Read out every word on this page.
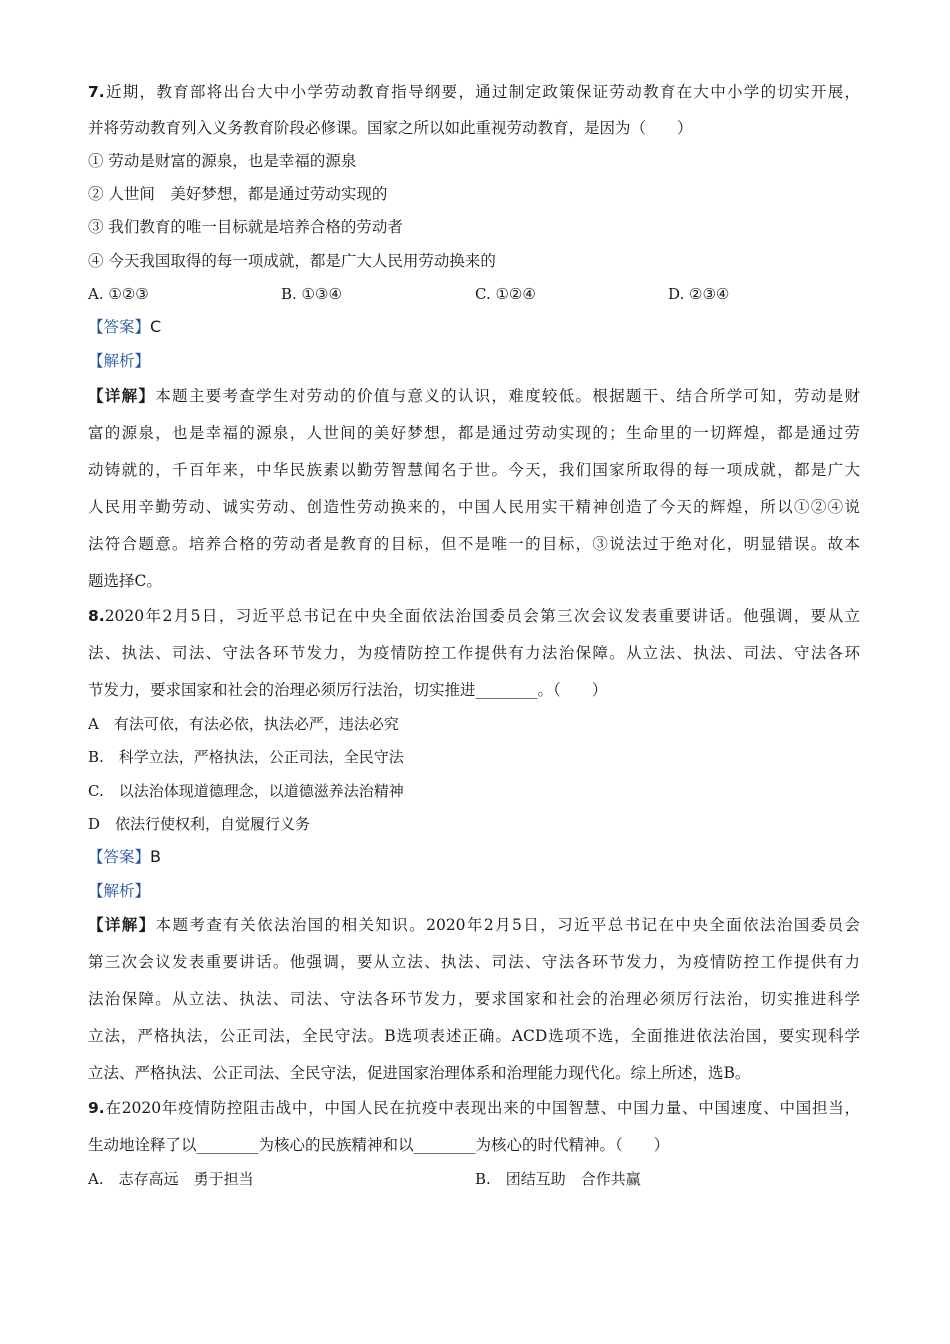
7.近期，教育部将出台大中小学劳动教育指导纲要，通过制定政策保证劳动教育在大中小学的切实开展，
并将劳动教育列入义务教育阶段必修课。国家之所以如此重视劳动教育，是因为（　　）
① 劳动是财富的源泉，也是幸福的源泉
② 人世间　美好梦想，都是通过劳动实现的
③ 我们教育的唯一目标就是培养合格的劳动者
④ 今天我国取得的每一项成就，都是广大人民用劳动换来的
A. ①②③	B. ①③④	C. ①②④	D. ②③④
【答案】C
【解析】
【详解】本题主要考查学生对劳动的价值与意义的认识，难度较低。根据题干、结合所学可知，劳动是财
富的源泉，也是幸福的源泉，人世间的美好梦想，都是通过劳动实现的；生命里的一切辉煌，都是通过劳
动铸就的，千百年来，中华民族素以勤劳智慧闻名于世。今天，我们国家所取得的每一项成就，都是广大
人民用辛勤劳动、诚实劳动、创造性劳动换来的，中国人民用实干精神创造了今天的辉煌，所以①②④说
法符合题意。培养合格的劳动者是教育的目标，但不是唯一的目标，③说法过于绝对化，明显错误。故本
题选择C。
8.2020年2月5日，习近平总书记在中央全面依法治国委员会第三次会议发表重要讲话。他强调，要从立
法、执法、司法、守法各环节发力，为疫情防控工作提供有力法治保障。从立法、执法、司法、守法各环
节发力，要求国家和社会的治理必须厉行法治，切实推进________。（　　）
A　有法可依，有法必依，执法必严，违法必究
B.　科学立法，严格执法，公正司法，全民守法
C.　以法治体现道德理念，以道德滋养法治精神
D　依法行使权利，自觉履行义务
【答案】B
【解析】
【详解】本题考查有关依法治国的相关知识。2020年2月5日，习近平总书记在中央全面依法治国委员会
第三次会议发表重要讲话。他强调，要从立法、执法、司法、守法各环节发力，为疫情防控工作提供有力
法治保障。从立法、执法、司法、守法各环节发力，要求国家和社会的治理必须厉行法治，切实推进科学
立法，严格执法，公正司法，全民守法。B选项表述正确。ACD选项不选，全面推进依法治国，要实现科学
立法、严格执法、公正司法、全民守法，促进国家治理体系和治理能力现代化。综上所述，选B。
9.在2020年疫情防控阻击战中，中国人民在抗疫中表现出来的中国智慧、中国力量、中国速度、中国担当，
生动地诠释了以________为核心的民族精神和以________为核心的时代精神。（　　）
A.　志存高远　勇于担当	B.　团结互助　合作共赢
